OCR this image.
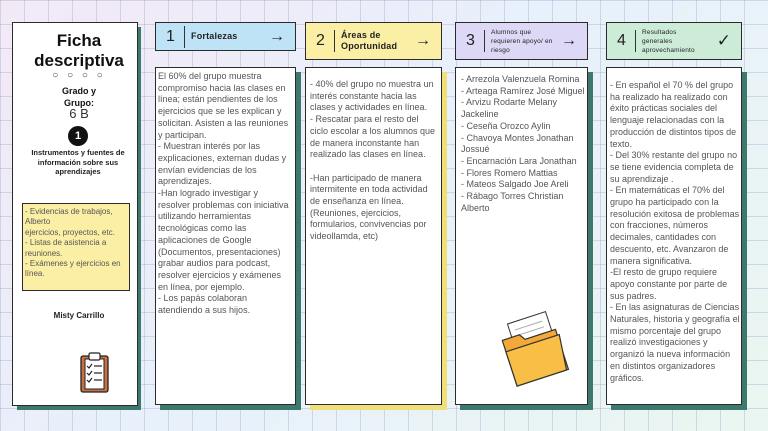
Ficha descriptiva
○ ○ ○ ○
Grado y Grupo:
6 B
1
Instrumentos y fuentes de información sobre sus aprendizajes
- Evidencias de trabajos, Alberto
ejercicios, proyectos, etc.
- Listas de asistencia a reuniones.
- Exámenes y ejercicios en línea.
Misty Carrillo
1	Fortalezas	→
El 60% del grupo muestra compromiso hacia las clases en línea; están pendientes de los ejercicios que se les explican y solicitan. Asisten a las reuniones y participan.
- Muestran interés por las explicaciones, externan dudas y envían evidencias de los aprendizajes.
-Han logrado investigar y resolver problemas con iniciativa utilizando herramientas tecnológicas como las aplicaciones de Google (Documentos, presentaciones) grabar audios para podcast, resolver ejercicios y exámenes en línea, por ejemplo.
- Los papás colaboran atendiendo a sus hijos.
2	Áreas de Oportunidad	→
- 40% del grupo no muestra un interés constante hacia las clases y actividades en línea.
- Rescatar para el resto del ciclo escolar a los alumnos que de manera inconstante han realizado las clases en línea.

-Han participado de manera intermitente en toda actividad de enseñanza en línea. (Reuniones, ejercicios, formularios, convivencias por videollamda, etc)
3	Alumnos que requieren apoyo/ en riesgo
→
- Arrezola Valenzuela Romina
- Arteaga Ramírez José Miguel
- Arvizu Rodarte Melany Jackeline
- Ceseña Orozco Aylin
- Chavoya Montes Jonathan Jossué
- Encarnación Lara Jonathan
- Flores Romero Mattias
- Mateos Salgado Joe Areli
- Rábago Torres Christian Alberto
4	Resultados generales aprovechamiento	✓
- En español el 70 % del grupo ha realizado ha realizado con éxito prácticas sociales del lenguaje relacionadas con la producción de distintos tipos de texto.
- Del 30% restante del grupo no se tiene evidencia completa de su aprendizaje .
- En matemáticas el 70% del grupo ha participado con la resolución exitosa de problemas con fracciones, números decimales, cantidades con descuento, etc. Avanzaron de manera significativa.
-El resto de grupo requiere apoyo constante por parte de sus padres.
- En las asignaturas de Ciencias Naturales, historia y geografía el mismo porcentaje del grupo realizó investigaciones y organizó la nueva información en distintos organizadores gráficos.
